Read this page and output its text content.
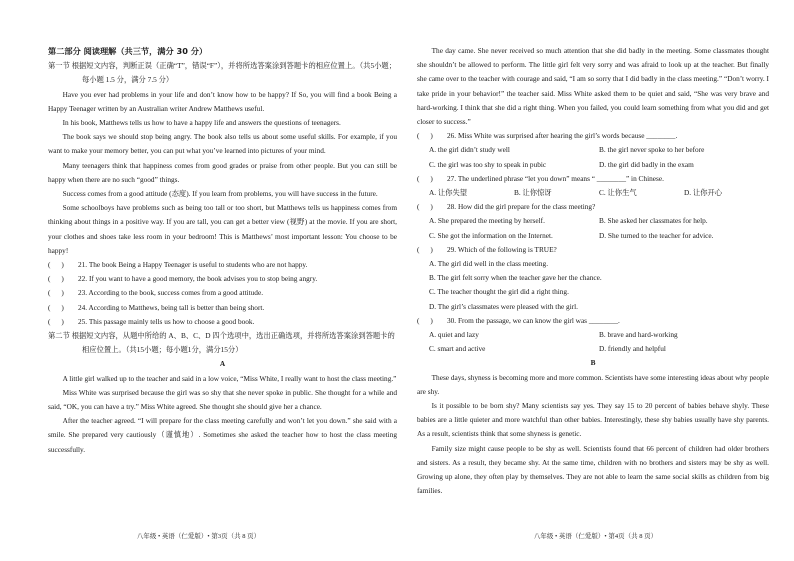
第二部分 阅读理解（共三节，满分 30 分）

第一节 根据短文内容，判断正误（正确“T”，错误“F”），并将所选答案涂到答题卡的相应位置上。（共5小题；每小题 1.5 分，满分 7.5 分）

Have you ever had problems in your life and don’t know how to be happy? If So, you will find a book Being a Happy Teenager written by an Australian writer Andrew Matthews useful.

In his book, Matthews tells us how to have a happy life and answers the questions of teenagers.

The book says we should stop being angry. The book also tells us about some useful skills. For example, if you want to make your memory better, you can put what you’ve learned into pictures of your mind.

Many teenagers think that happiness comes from good grades or praise from other people. But you can still be happy when there are no such “good” things.

Success comes from a good attitude (态度). If you learn from problems, you will have success in the future.

Some schoolboys have problems such as being too tall or too short, but Matthews tells us happiness comes from thinking about things in a positive way. If you are tall, you can get a better view (视野) at the movie. If you are short, your clothes and shoes take less room in your bedroom! This is Matthews’ most important lesson: You choose to be happy!

(      )	21. The book Being a Happy Teenager is useful to students who are not happy.
(      )	22. If you want to have a good memory, the book advises you to stop being angry.
(      )	23. According to the book, success comes from a good attitude.
(      )	24. According to Matthews, being tall is better than being short.
(      )	25. This passage mainly tells us how to choose a good book.

第二节 根据短文内容，从题中所给的 A、B、C、D 四个选项中，选出正确选项，并将所选答案涂到答题卡的相应位置上。（共15小题；每小题1分，满分15分）

A

A little girl walked up to the teacher and said in a low voice, “Miss White, I really want to host the class meeting.”

Miss White was surprised because the girl was so shy that she never spoke in public. She thought for a while and said, “OK, you can have a try.” Miss White agreed. She thought she should give her a chance.

After the teacher agreed. “I will prepare for the class meeting carefully and won’t let you down.” she said with a smile. She prepared very cautiously（谨慎地）. Sometimes she asked the teacher how to host the class meeting successfully.

八年级 • 英语（仁爱版）• 第3页（共 8 页）

The day came. She never received so much attention that she did badly in the meeting. Some classmates thought she shouldn’t be allowed to perform. The little girl felt very sorry and was afraid to look up at the teacher. But finally she came over to the teacher with courage and said, “I am so sorry that I did badly in the class meeting.” “Don’t worry. I take pride in your behavior!” the teacher said. Miss White asked them to be quiet and said, “She was very brave and hard-working. I think that she did a right thing. When you failed, you could learn something from what you did and get closer to success.”

(      )	26. Miss White was surprised after hearing the girl’s words because ________.
A. the girl didn’t study well	B. the girl never spoke to her before
C. the girl was too shy to speak in pubic	D. the girl did badly in the exam
(      )	27. The underlined phrase “let you down” means “ ________” in Chinese.
A. 让你失望	B. 让你惊讶	C. 让你生气	D. 让你开心
(      )	28. How did the girl prepare for the class meeting?
A. She prepared the meeting by herself.	B. She asked her classmates for help.
C. She got the information on the Internet.	D. She turned to the teacher for advice.
(      )	29. Which of the following is TRUE?
A. The girl did well in the class meeting.
B. The girl felt sorry when the teacher gave her the chance.
C. The teacher thought the girl did a right thing.
D. The girl’s classmates were pleased with the girl.
(      )	30. From the passage, we can know the girl was ________.
A. quiet and lazy	B. brave and hard-working
C. smart and active	D. friendly and helpful

B

These days, shyness is becoming more and more common. Scientists have some interesting ideas about why people are shy.

Is it possible to be born shy? Many scientists say yes. They say 15 to 20 percent of babies behave shyly. These babies are a little quieter and more watchful than other babies. Interestingly, these shy babies usually have shy parents. As a result, scientists think that some shyness is genetic.

Family size might cause people to be shy as well. Scientists found that 66 percent of children had older brothers and sisters. As a result, they became shy. At the same time, children with no brothers and sisters may be shy as well. Growing up alone, they often play by themselves. They are not able to learn the same social skills as children from big families.

八年级 • 英语（仁爱版）• 第4页（共 8 页）
